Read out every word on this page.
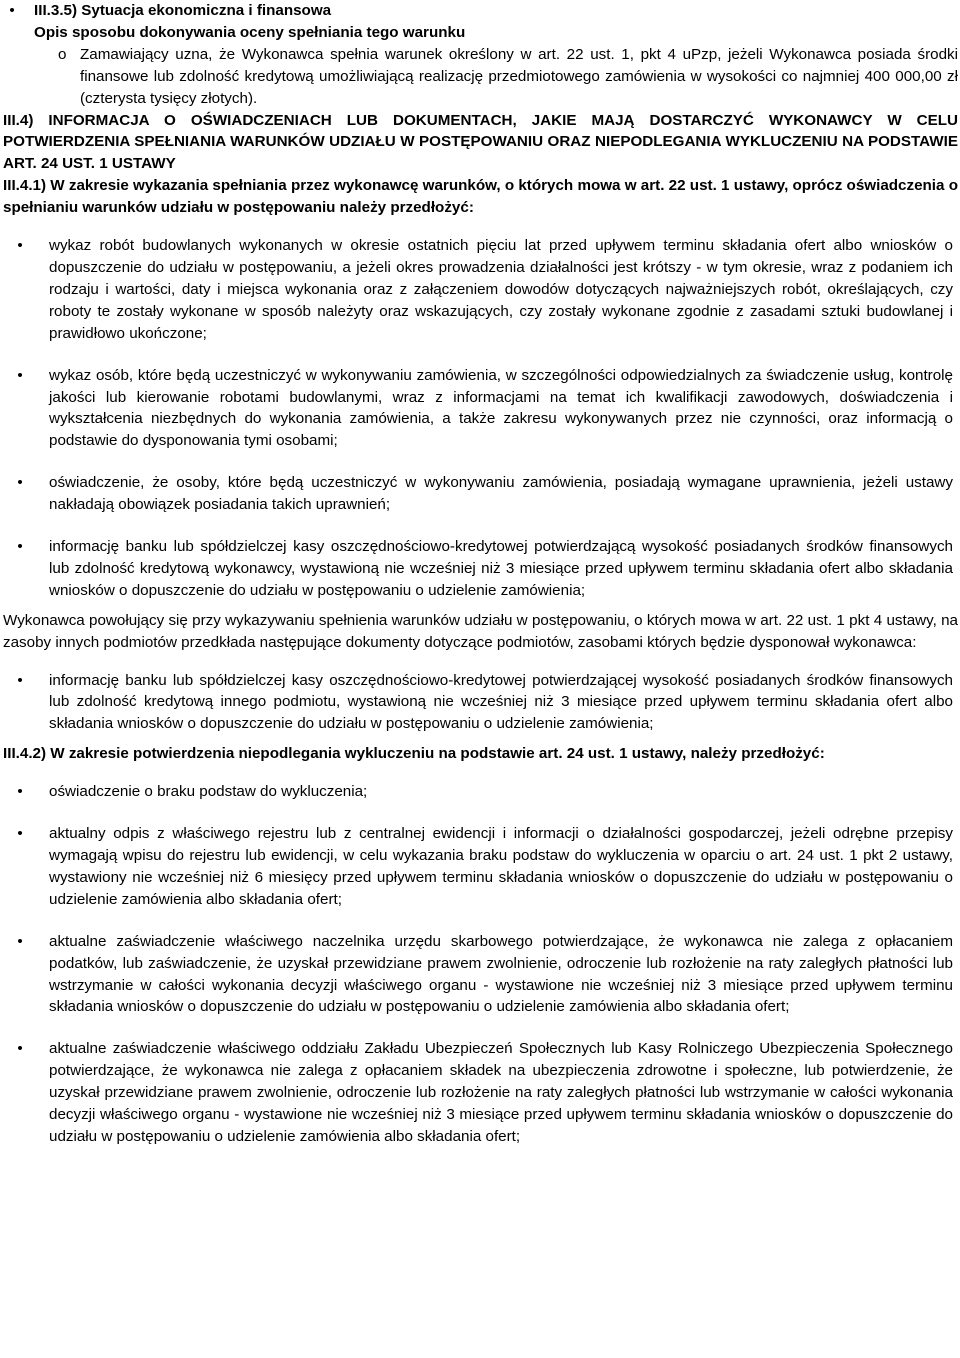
•	III.3.5) Sytuacja ekonomiczna i finansowa

Opis sposobu dokonywania oceny spełniania tego warunku

o Zamawiający uzna, że Wykonawca spełnia warunek określony w art. 22 ust. 1, pkt 4 uPzp, jeżeli Wykonawca posiada środki finansowe lub zdolność kredytową umożliwiającą realizację przedmiotowego zamówienia w wysokości co najmniej 400 000,00 zł (czterysta tysięcy złotych).

III.4) INFORMACJA O OŚWIADCZENIACH LUB DOKUMENTACH, JAKIE MAJĄ DOSTARCZYĆ WYKONAWCY W CELU POTWIERDZENIA SPEŁNIANIA WARUNKÓW UDZIAŁU W POSTĘPOWANIU ORAZ NIEPODLEGANIA WYKLUCZENIU NA PODSTAWIE ART. 24 UST. 1 USTAWY

III.4.1) W zakresie wykazania spełniania przez wykonawcę warunków, o których mowa w art. 22 ust. 1 ustawy, oprócz oświadczenia o spełnianiu warunków udziału w postępowaniu należy przedłożyć:

•	wykaz robót budowlanych wykonanych w okresie ostatnich pięciu lat przed upływem terminu składania ofert albo wniosków o dopuszczenie do udziału w postępowaniu, a jeżeli okres prowadzenia działalności jest krótszy - w tym okresie, wraz z podaniem ich rodzaju i wartości, daty i miejsca wykonania oraz z załączeniem dowodów dotyczących najważniejszych robót, określających, czy roboty te zostały wykonane w sposób należyty oraz wskazujących, czy zostały wykonane zgodnie z zasadami sztuki budowlanej i prawidłowo ukończone;
•	wykaz osób, które będą uczestniczyć w wykonywaniu zamówienia, w szczególności odpowiedzialnych za świadczenie usług, kontrolę jakości lub kierowanie robotami budowlanymi, wraz z informacjami na temat ich kwalifikacji zawodowych, doświadczenia i wykształcenia niezbędnych do wykonania zamówienia, a także zakresu wykonywanych przez nie czynności, oraz informacją o podstawie do dysponowania tymi osobami;
•	oświadczenie, że osoby, które będą uczestniczyć w wykonywaniu zamówienia, posiadają wymagane uprawnienia, jeżeli ustawy nakładają obowiązek posiadania takich uprawnień;
•	informację banku lub spółdzielczej kasy oszczędnościowo-kredytowej potwierdzającą wysokość posiadanych środków finansowych lub zdolność kredytową wykonawcy, wystawioną nie wcześniej niż 3 miesiące przed upływem terminu składania ofert albo składania wniosków o dopuszczenie do udziału w postępowaniu o udzielenie zamówienia;

Wykonawca powołujący się przy wykazywaniu spełnienia warunków udziału w postępowaniu, o których mowa w art. 22 ust. 1 pkt 4 ustawy, na zasoby innych podmiotów przedkłada następujące dokumenty dotyczące podmiotów, zasobami których będzie dysponował wykonawca:

•	informację banku lub spółdzielczej kasy oszczędnościowo-kredytowej potwierdzającej wysokość posiadanych środków finansowych lub zdolność kredytową innego podmiotu, wystawioną nie wcześniej niż 3 miesiące przed upływem terminu składania ofert albo składania wniosków o dopuszczenie do udziału w postępowaniu o udzielenie zamówienia;

III.4.2) W zakresie potwierdzenia niepodlegania wykluczeniu na podstawie art. 24 ust. 1 ustawy, należy przedłożyć:

•	oświadczenie o braku podstaw do wykluczenia;
•	aktualny odpis z właściwego rejestru lub z centralnej ewidencji i informacji o działalności gospodarczej, jeżeli odrębne przepisy wymagają wpisu do rejestru lub ewidencji, w celu wykazania braku podstaw do wykluczenia w oparciu o art. 24 ust. 1 pkt 2 ustawy, wystawiony nie wcześniej niż 6 miesięcy przed upływem terminu składania wniosków o dopuszczenie do udziału w postępowaniu o udzielenie zamówienia albo składania ofert;
•	aktualne zaświadczenie właściwego naczelnika urzędu skarbowego potwierdzające, że wykonawca nie zalega z opłacaniem podatków, lub zaświadczenie, że uzyskał przewidziane prawem zwolnienie, odroczenie lub rozłożenie na raty zaległych płatności lub wstrzymanie w całości wykonania decyzji właściwego organu - wystawione nie wcześniej niż 3 miesiące przed upływem terminu składania wniosków o dopuszczenie do udziału w postępowaniu o udzielenie zamówienia albo składania ofert;
•	aktualne zaświadczenie właściwego oddziału Zakładu Ubezpieczeń Społecznych lub Kasy Rolniczego Ubezpieczenia Społecznego potwierdzające, że wykonawca nie zalega z opłacaniem składek na ubezpieczenia zdrowotne i społeczne, lub potwierdzenie, że uzyskał przewidziane prawem zwolnienie, odroczenie lub rozłożenie na raty zaległych płatności lub wstrzymanie w całości wykonania decyzji właściwego organu - wystawione nie wcześniej niż 3 miesiące przed upływem terminu składania wniosków o dopuszczenie do udziału w postępowaniu o udzielenie zamówienia albo składania ofert;
